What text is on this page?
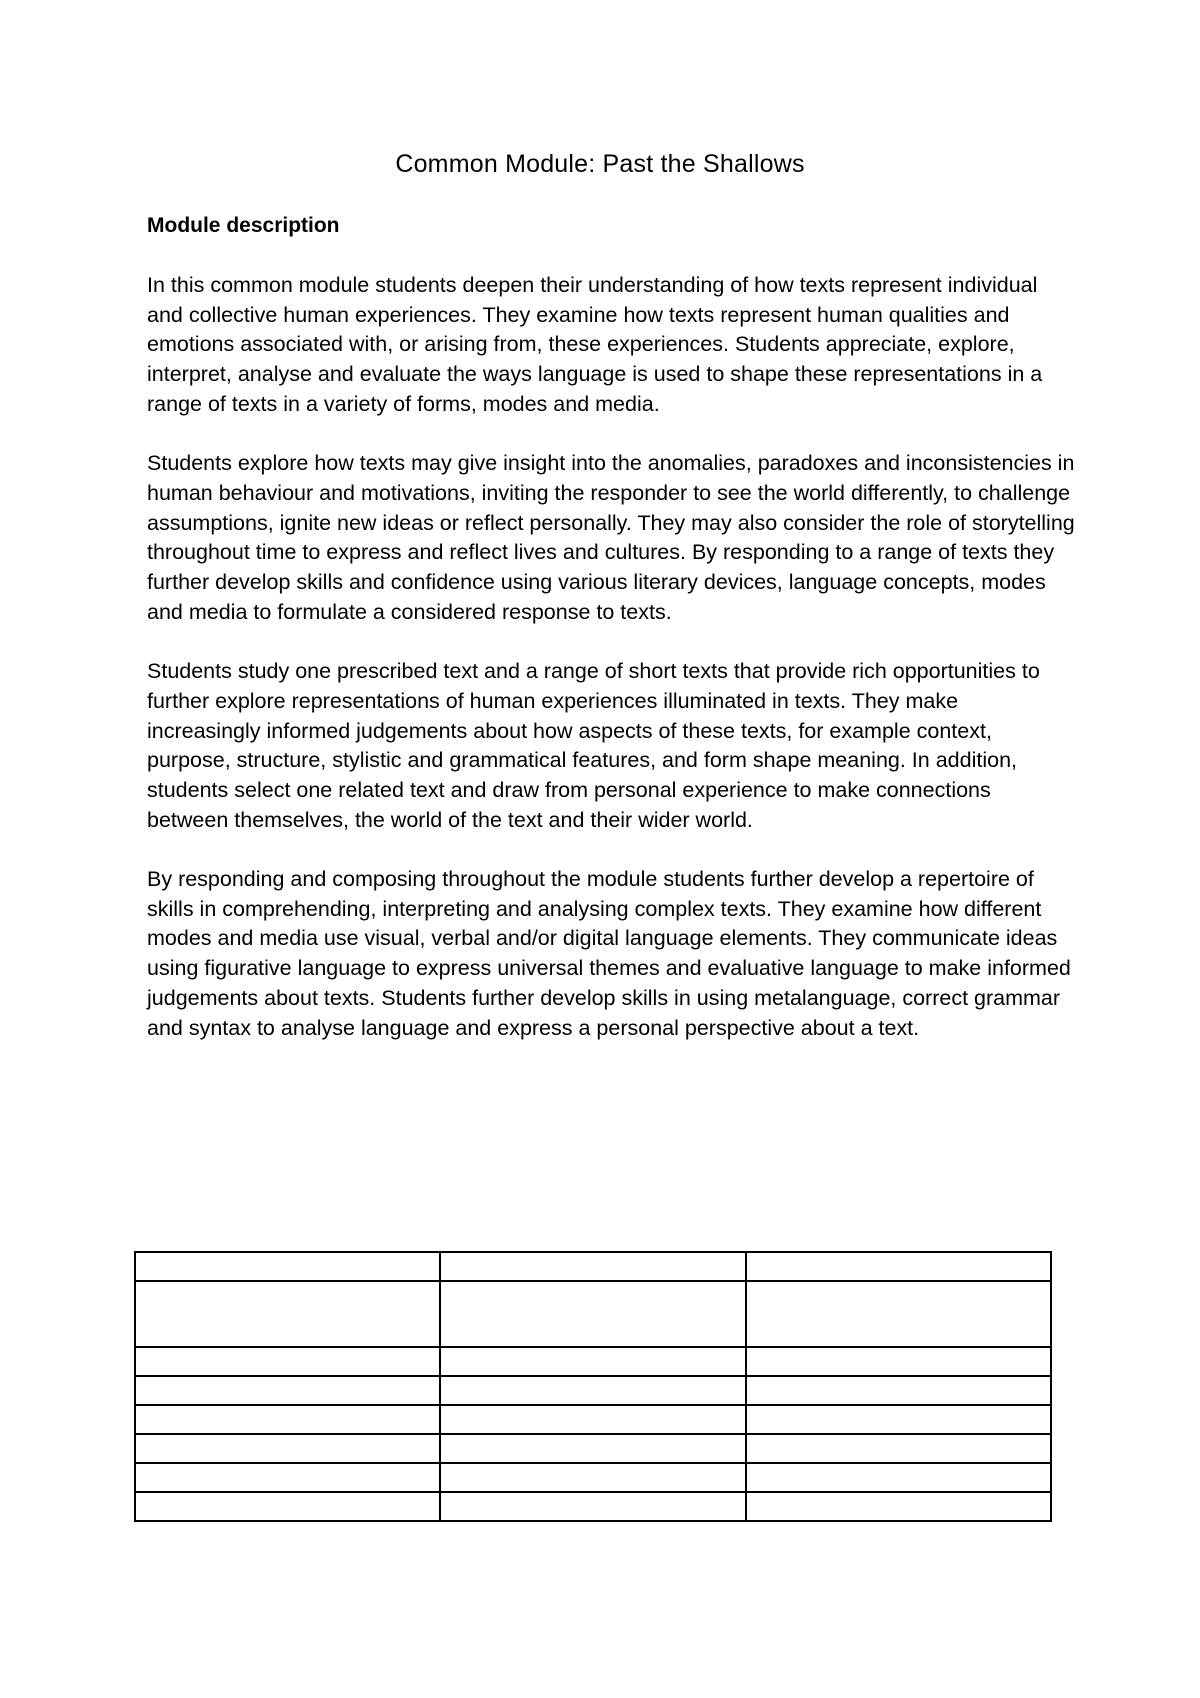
Common Module: Past the Shallows
Module description

In this common module students deepen their understanding of how texts represent individual and collective human experiences. They examine how texts represent human qualities and emotions associated with, or arising from, these experiences. Students appreciate, explore, interpret, analyse and evaluate the ways language is used to shape these representations in a range of texts in a variety of forms, modes and media.

Students explore how texts may give insight into the anomalies, paradoxes and inconsistencies in human behaviour and motivations, inviting the responder to see the world differently, to challenge assumptions, ignite new ideas or reflect personally. They may also consider the role of storytelling throughout time to express and reflect lives and cultures. By responding to a range of texts they further develop skills and confidence using various literary devices, language concepts, modes and media to formulate a considered response to texts.

Students study one prescribed text and a range of short texts that provide rich opportunities to further explore representations of human experiences illuminated in texts. They make increasingly informed judgements about how aspects of these texts, for example context, purpose, structure, stylistic and grammatical features, and form shape meaning. In addition, students select one related text and draw from personal experience to make connections between themselves, the world of the text and their wider world.

By responding and composing throughout the module students further develop a repertoire of skills in comprehending, interpreting and analysing complex texts. They examine how different modes and media use visual, verbal and/or digital language elements. They communicate ideas using figurative language to express universal themes and evaluative language to make informed judgements about texts. Students further develop skills in using metalanguage, correct grammar and syntax to analyse language and express a personal perspective about a text.
